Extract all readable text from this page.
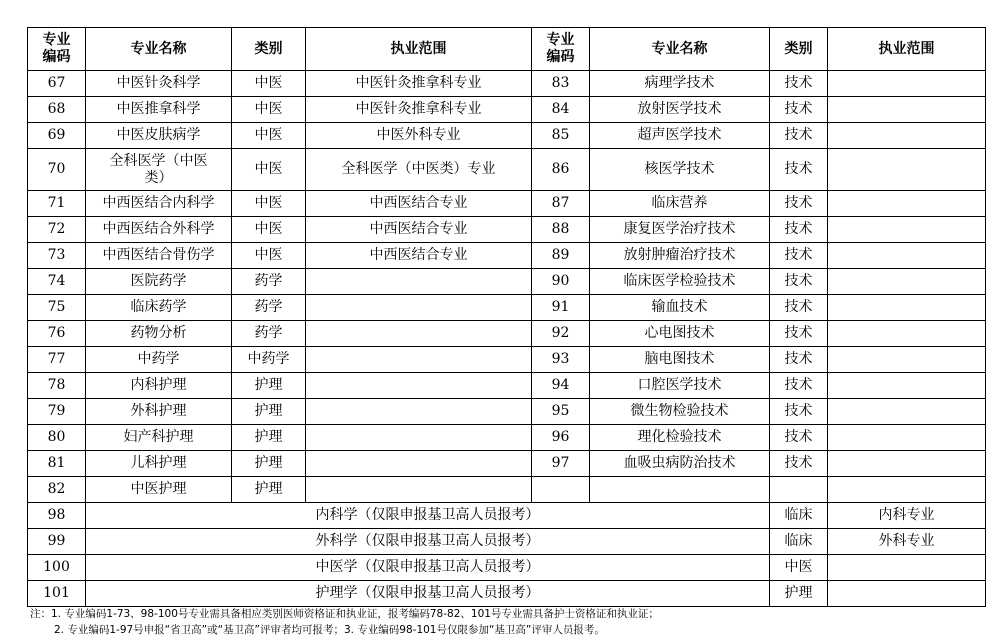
专业编码	专业名称	类别	执业范围	专业编码	专业名称	类别	执业范围
67	中医针灸科学	中医	中医针灸推拿科专业	83	病理学技术	技术	
68	中医推拿科学	中医	中医针灸推拿科专业	84	放射医学技术	技术	
69	中医皮肤病学	中医	中医外科专业	85	超声医学技术	技术	
70	全科医学（中医类）	中医	全科医学（中医类）专业	86	核医学技术	技术	
71	中西医结合内科学	中医	中西医结合专业	87	临床营养	技术	
72	中西医结合外科学	中医	中西医结合专业	88	康复医学治疗技术	技术	
73	中西医结合骨伤学	中医	中西医结合专业	89	放射肿瘤治疗技术	技术	
74	医院药学	药学		90	临床医学检验技术	技术	
75	临床药学	药学		91	输血技术	技术	
76	药物分析	药学		92	心电图技术	技术	
77	中药学	中药学		93	脑电图技术	技术	
78	内科护理	护理		94	口腔医学技术	技术	
79	外科护理	护理		95	微生物检验技术	技术	
80	妇产科护理	护理		96	理化检验技术	技术	
81	儿科护理	护理		97	血吸虫病防治技术	技术	
82	中医护理	护理					
98	内科学（仅限申报基卫高人员报考）					临床	内科专业
99	外科学（仅限申报基卫高人员报考）					临床	外科专业
100	中医学（仅限申报基卫高人员报考）					中医	
101	护理学（仅限申报基卫高人员报考）					护理	
注：1. 专业编码1-73、98-100号专业需具备相应类别医师资格证和执业证，报考编码78-82、101号专业需具备护士资格证和执业证；
2. 专业编码1-97号申报“省卫高”或“基卫高”评审者均可报考；3. 专业编码98-101号仅限参加“基卫高”评审人员报考。
